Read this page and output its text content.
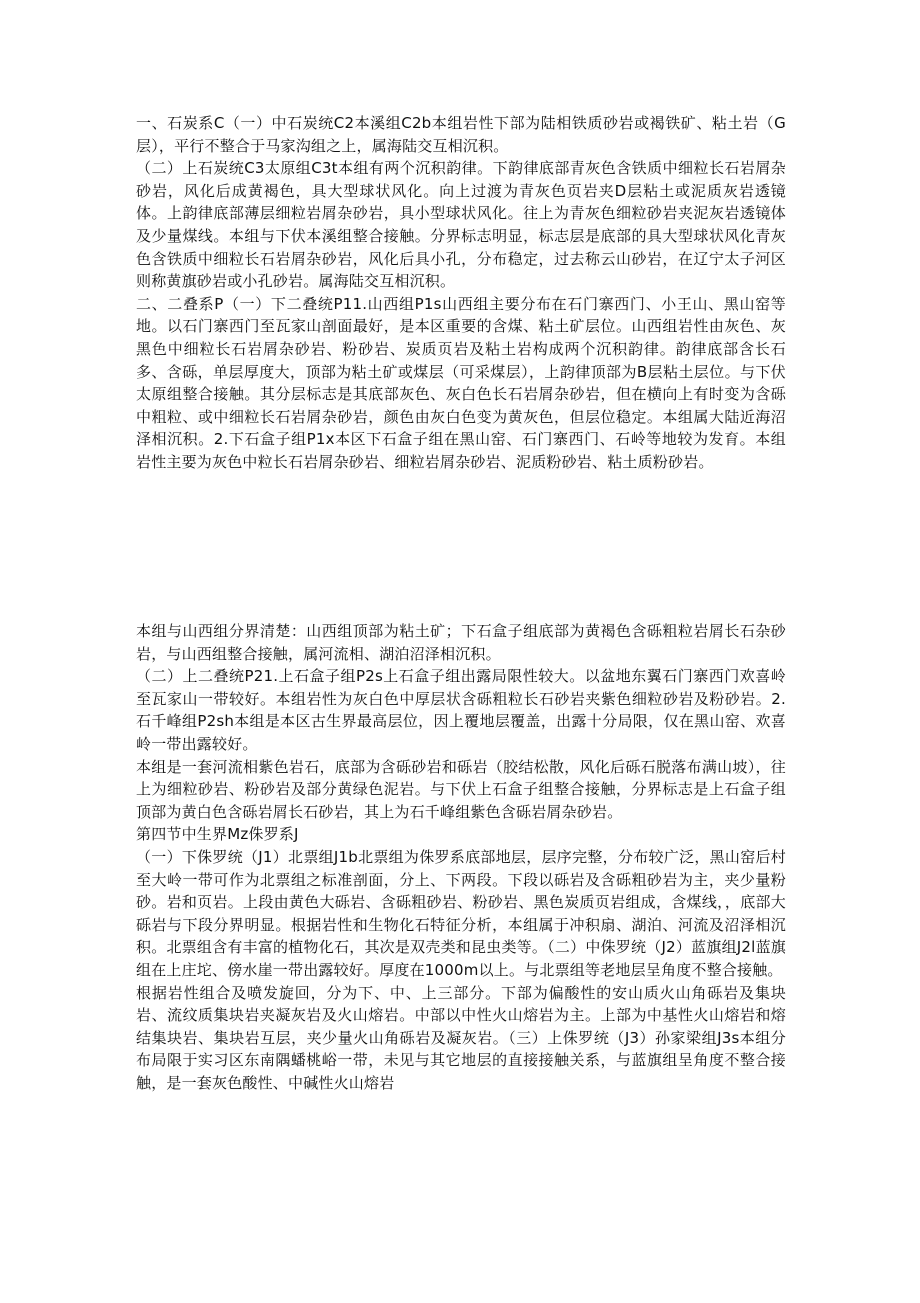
一、石炭系C（一）中石炭统C2本溪组C2b本组岩性下部为陆相铁质砂岩或褐铁矿、粘土岩（G层），平行不整合于马家沟组之上，属海陆交互相沉积。

（二）上石炭统C3太原组C3t本组有两个沉积韵律。下韵律底部青灰色含铁质中细粒长石岩屑杂砂岩，风化后成黄褐色，具大型球状风化。向上过渡为青灰色页岩夹D层粘土或泥质灰岩透镜体。上韵律底部薄层细粒岩屑杂砂岩，具小型球状风化。往上为青灰色细粒砂岩夹泥灰岩透镜体及少量煤线。本组与下伏本溪组整合接触。分界标志明显，标志层是底部的具大型球状风化青灰色含铁质中细粒长石岩屑杂砂岩，风化后具小孔，分布稳定，过去称云山砂岩，在辽宁太子河区则称黄旗砂岩或小孔砂岩。属海陆交互相沉积。

二、二叠系P（一）下二叠统P11.山西组P1s山西组主要分布在石门寨西门、小王山、黑山窑等地。以石门寨西门至瓦家山剖面最好，是本区重要的含煤、粘土矿层位。山西组岩性由灰色、灰黑色中细粒长石岩屑杂砂岩、粉砂岩、炭质页岩及粘土岩构成两个沉积韵律。韵律底部含长石多、含砾，单层厚度大，顶部为粘土矿或煤层（可采煤层），上韵律顶部为B层粘土层位。与下伏太原组整合接触。其分层标志是其底部灰色、灰白色长石岩屑杂砂岩，但在横向上有时变为含砾中粗粒、或中细粒长石岩屑杂砂岩，颜色由灰白色变为黄灰色，但层位稳定。本组属大陆近海沼泽相沉积。2.下石盒子组P1x本区下石盒子组在黑山窑、石门寨西门、石岭等地较为发育。本组岩性主要为灰色中粒长石岩屑杂砂岩、细粒岩屑杂砂岩、泥质粉砂岩、粘土质粉砂岩。

本组与山西组分界清楚：山西组顶部为粘土矿；下石盒子组底部为黄褐色含砾粗粒岩屑长石杂砂岩，与山西组整合接触，属河流相、湖泊沼泽相沉积。

（二）上二叠统P21.上石盒子组P2s上石盒子组出露局限性较大。以盆地东翼石门寨西门欢喜岭至瓦家山一带较好。本组岩性为灰白色中厚层状含砾粗粒长石砂岩夹紫色细粒砂岩及粉砂岩。2.石千峰组P2sh本组是本区古生界最高层位，因上覆地层覆盖，出露十分局限，仅在黑山窑、欢喜岭一带出露较好。

本组是一套河流相紫色岩石，底部为含砾砂岩和砾岩（胶结松散，风化后砾石脱落布满山坡），往上为细粒砂岩、粉砂岩及部分黄绿色泥岩。与下伏上石盒子组整合接触，分界标志是上石盒子组顶部为黄白色含砾岩屑长石砂岩，其上为石千峰组紫色含砾岩屑杂砂岩。

第四节中生界Mz侏罗系J

（一）下侏罗统（J1）北票组J1b北票组为侏罗系底部地层，层序完整，分布较广泛，黑山窑后村至大岭一带可作为北票组之标准剖面，分上、下两段。下段以砾岩及含砾粗砂岩为主，夹少量粉砂。岩和页岩。上段由黄色大砾岩、含砾粗砂岩、粉砂岩、黑色炭质页岩组成，含煤线，，底部大砾岩与下段分界明显。根据岩性和生物化石特征分析，本组属于冲积扇、湖泊、河流及沼泽相沉积。北票组含有丰富的植物化石，其次是双壳类和昆虫类等。（二）中侏罗统（J2）蓝旗组J2l蓝旗组在上庄坨、傍水崖一带出露较好。厚度在1000m以上。与北票组等老地层呈角度不整合接触。

根据岩性组合及喷发旋回，分为下、中、上三部分。下部为偏酸性的安山质火山角砾岩及集块岩、流纹质集块岩夹凝灰岩及火山熔岩。中部以中性火山熔岩为主。上部为中基性火山熔岩和熔结集块岩、集块岩互层，夹少量火山角砾岩及凝灰岩。（三）上侏罗统（J3）孙家梁组J3s本组分布局限于实习区东南隅蟠桃峪一带，未见与其它地层的直接接触关系，与蓝旗组呈角度不整合接触，是一套灰色酸性、中碱性火山熔岩
